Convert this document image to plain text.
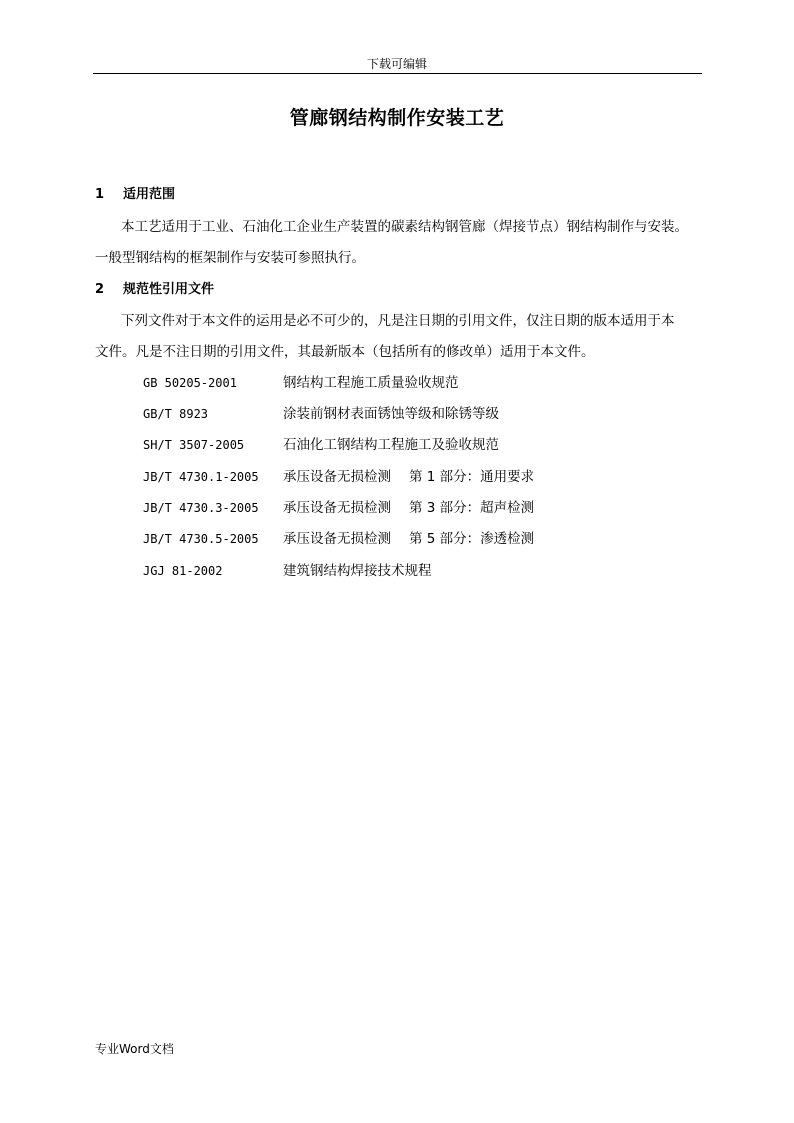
下载可编辑
管廊钢结构制作安装工艺
1 适用范围
本工艺适用于工业、石油化工企业生产装置的碳素结构钢管廊（焊接节点）钢结构制作与安装。
一般型钢结构的框架制作与安装可参照执行。
2 规范性引用文件
下列文件对于本文件的运用是必不可少的，凡是注日期的引用文件，仅注日期的版本适用于本
文件。凡是不注日期的引用文件，其最新版本（包括所有的修改单）适用于本文件。
GB 50205-2001	钢结构工程施工质量验收规范
GB/T 8923	涂装前钢材表面锈蚀等级和除锈等级
SH/T 3507-2005	石油化工钢结构工程施工及验收规范
JB/T 4730.1-2005 承压设备无损检测 第 1 部分：通用要求
JB/T 4730.3-2005 承压设备无损检测 第 3 部分：超声检测
JB/T 4730.5-2005 承压设备无损检测 第 5 部分：渗透检测
JGJ 81-2002	建筑钢结构焊接技术规程
专业Word文档
